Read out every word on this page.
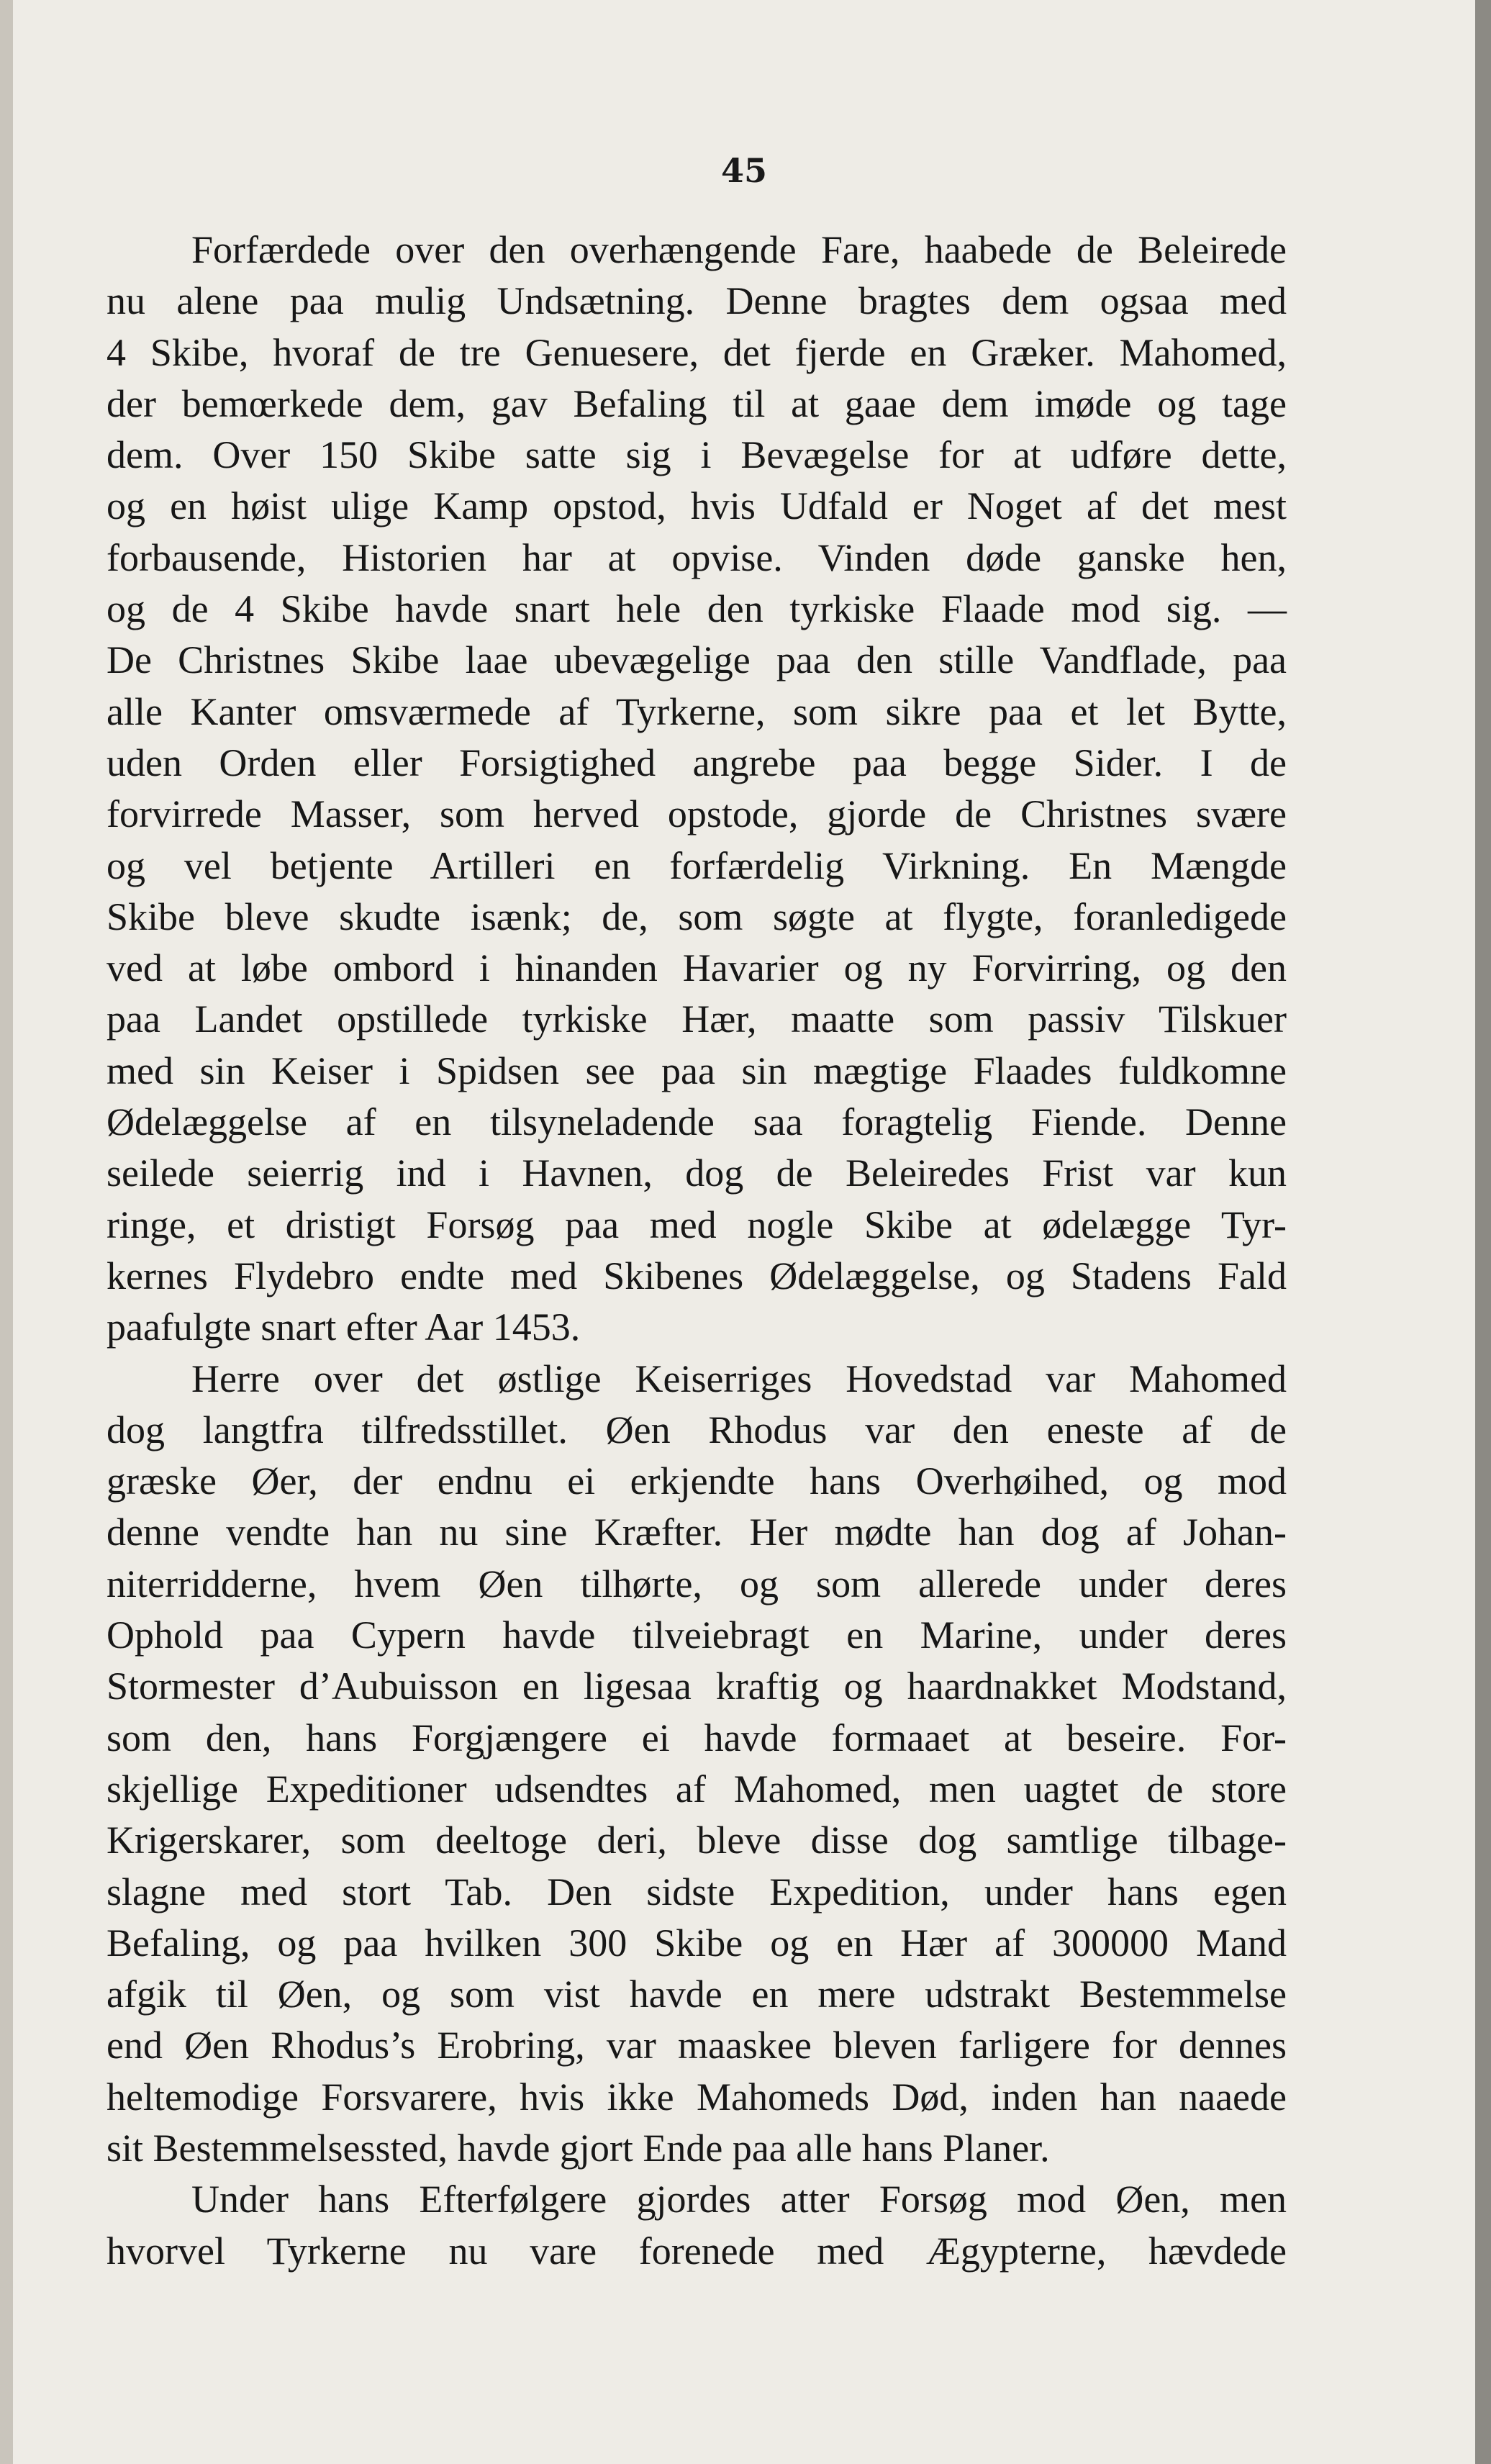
45
Forfærdede over den overhængende Fare, haabede de Beleirede
nu alene paa mulig Undsætning. Denne bragtes dem ogsaa med
4 Skibe, hvoraf de tre Genuesere, det fjerde en Græker. Mahomed,
der bemœrkede dem, gav Befaling til at gaae dem imøde og tage
dem. Over 150 Skibe satte sig i Bevægelse for at udføre dette,
og en høist ulige Kamp opstod, hvis Udfald er Noget af det mest
forbausende, Historien har at opvise. Vinden døde ganske hen,
og de 4 Skibe havde snart hele den tyrkiske Flaade mod sig. —
De Christnes Skibe laae ubevægelige paa den stille Vandflade, paa
alle Kanter omsværmede af Tyrkerne, som sikre paa et let Bytte,
uden Orden eller Forsigtighed angrebe paa begge Sider. I de
forvirrede Masser, som herved opstode, gjorde de Christnes svære
og vel betjente Artilleri en forfærdelig Virkning. En Mængde
Skibe bleve skudte isænk; de, som søgte at flygte, foranledigede
ved at løbe ombord i hinanden Havarier og ny Forvirring, og den
paa Landet opstillede tyrkiske Hær, maatte som passiv Tilskuer
med sin Keiser i Spidsen see paa sin mægtige Flaades fuldkomne
Ødelæggelse af en tilsyneladende saa foragtelig Fiende. Denne
seilede seierrig ind i Havnen, dog de Beleiredes Frist var kun
ringe, et dristigt Forsøg paa med nogle Skibe at ødelægge Tyr-
kernes Flydebro endte med Skibenes Ødelæggelse, og Stadens Fald
paafulgte snart efter Aar 1453.
Herre over det østlige Keiserriges Hovedstad var Mahomed
dog langtfra tilfredsstillet. Øen Rhodus var den eneste af de
græske Øer, der endnu ei erkjendte hans Overhøihed, og mod
denne vendte han nu sine Kræfter. Her mødte han dog af Johan-
niterridderne, hvem Øen tilhørte, og som allerede under deres
Ophold paa Cypern havde tilveiebragt en Marine, under deres
Stormester d’Aubuisson en ligesaa kraftig og haardnakket Modstand,
som den, hans Forgjængere ei havde formaaet at beseire. For-
skjellige Expeditioner udsendtes af Mahomed, men uagtet de store
Krigerskarer, som deeltoge deri, bleve disse dog samtlige tilbage-
slagne med stort Tab. Den sidste Expedition, under hans egen
Befaling, og paa hvilken 300 Skibe og en Hær af 300000 Mand
afgik til Øen, og som vist havde en mere udstrakt Bestemmelse
end Øen Rhodus’s Erobring, var maaskee bleven farligere for dennes
heltemodige Forsvarere, hvis ikke Mahomeds Død, inden han naaede
sit Bestemmelsessted, havde gjort Ende paa alle hans Planer.
Under hans Efterfølgere gjordes atter Forsøg mod Øen, men
hvorvel Tyrkerne nu vare forenede med Ægypterne, hævdede
